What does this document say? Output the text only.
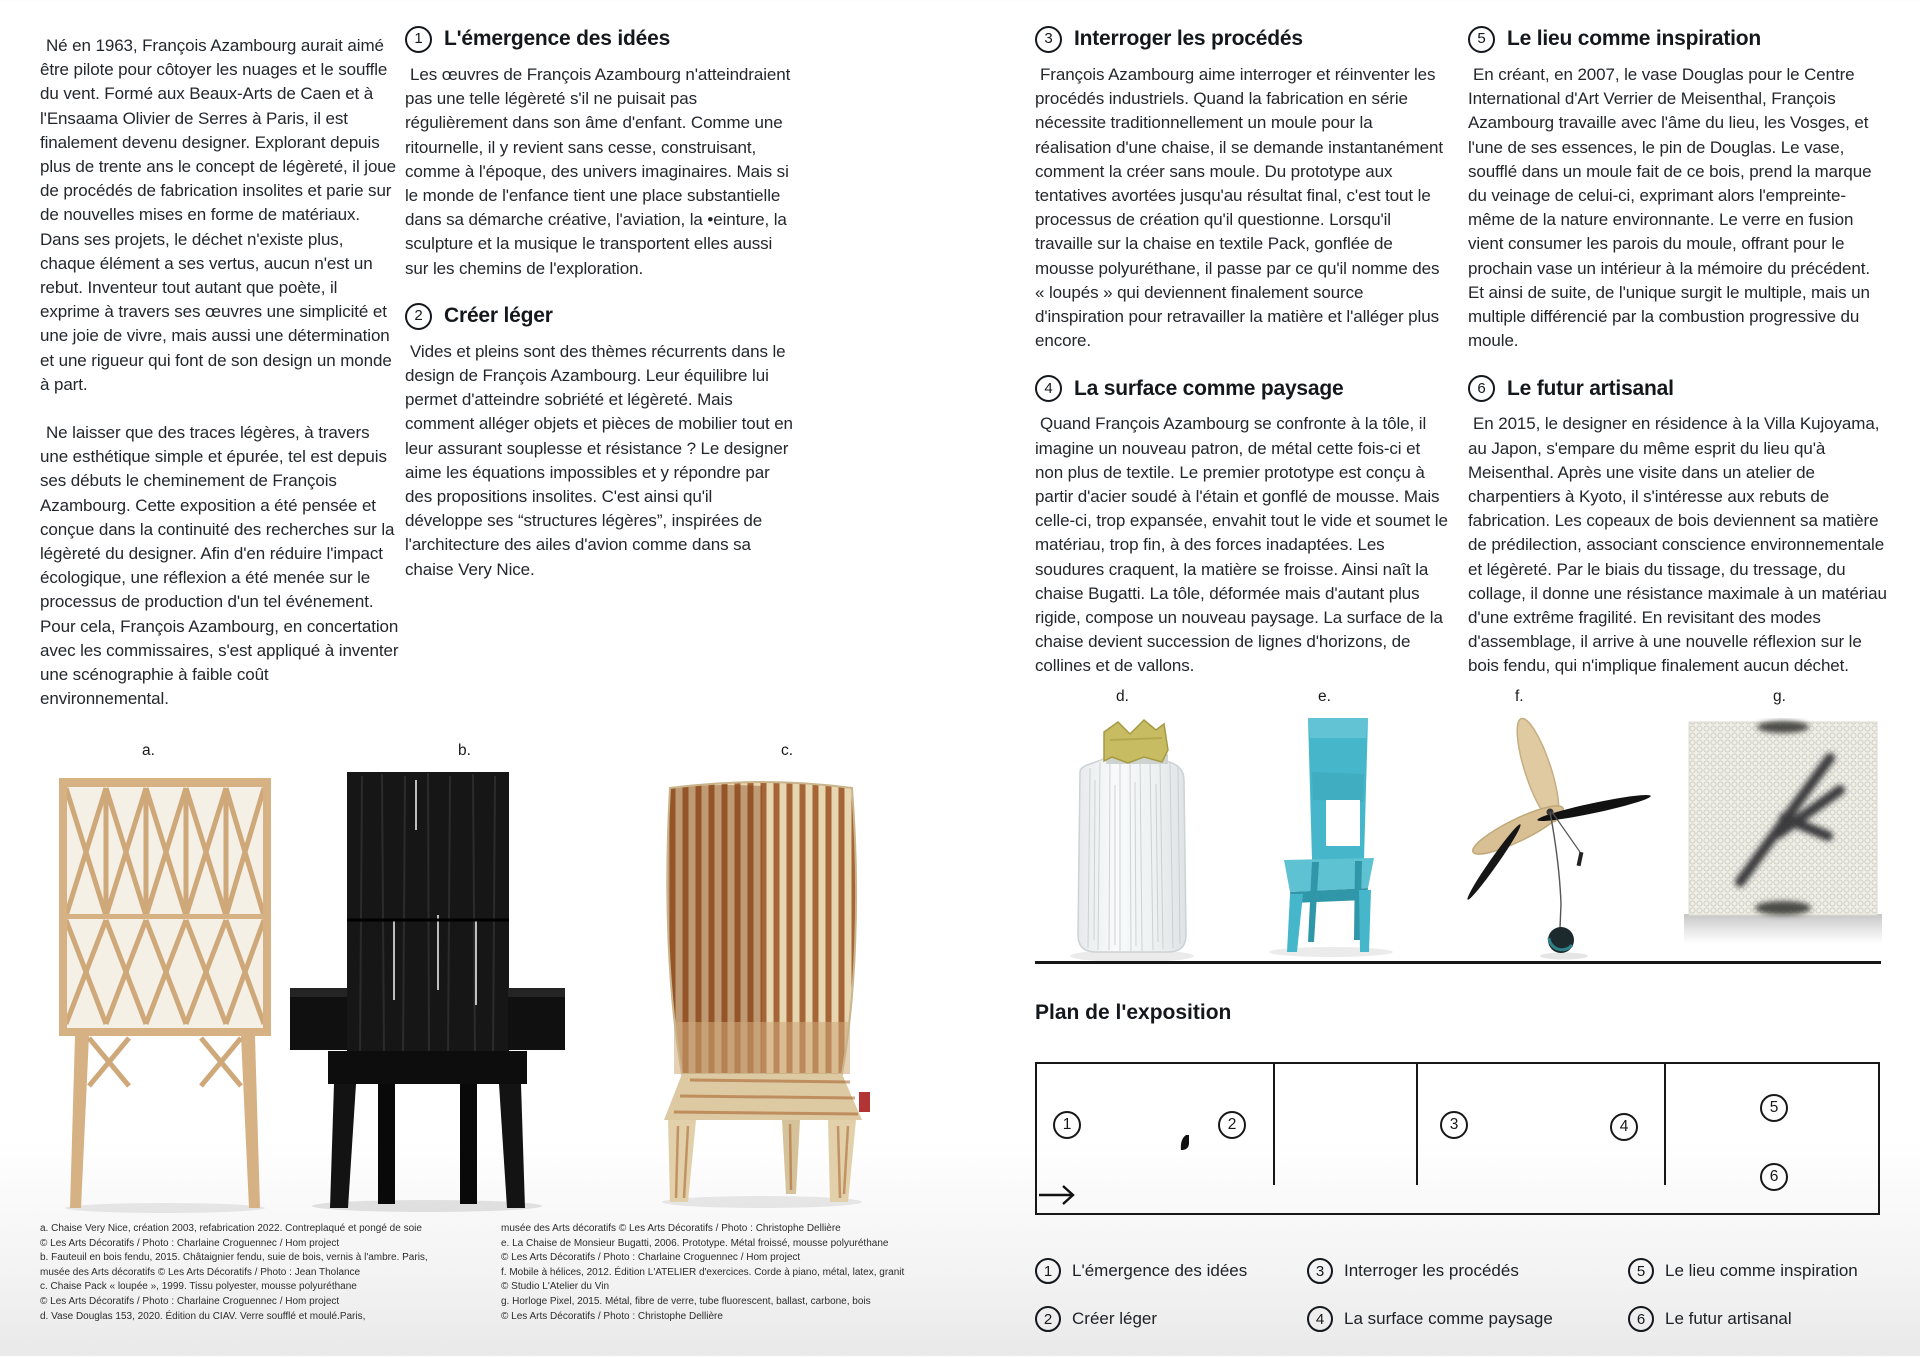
Né en 1963, François Azambourg aurait aimé être pilote pour côtoyer les nuages et le souffle du vent. Formé aux Beaux-Arts de Caen et à l'Ensaama Olivier de Serres à Paris, il est finalement devenu designer. Explorant depuis plus de trente ans le concept de légèreté, il joue de procédés de fabrication insolites et parie sur de nouvelles mises en forme de matériaux. Dans ses projets, le déchet n'existe plus, chaque élément a ses vertus, aucun n'est un rebut. Inventeur tout autant que poète, il exprime à travers ses œuvres une simplicité et une joie de vivre, mais aussi une détermination et une rigueur qui font de son design un monde à part.

Ne laisser que des traces légères, à travers une esthétique simple et épurée, tel est depuis ses débuts le cheminement de François Azambourg. Cette exposition a été pensée et conçue dans la continuité des recherches sur la légèreté du designer. Afin d'en réduire l'impact écologique, une réflexion a été menée sur le processus de production d'un tel événement. Pour cela, François Azambourg, en concertation avec les commissaires, s'est appliqué à inventer une scénographie à faible coût environnemental.

1	L'émergence des idées

Les œuvres de François Azambourg n'atteindraient pas une telle légèreté s'il ne puisait pas régulièrement dans son âme d'enfant. Comme une ritournelle, il y revient sans cesse, construisant, comme à l'époque, des univers imaginaires. Mais si le monde de l'enfance tient une place substantielle dans sa démarche créative, l'aviation, la •einture, la sculpture et la musique le transportent elles aussi sur les chemins de l'exploration.

2	Créer léger

Vides et pleins sont des thèmes récurrents dans le design de François Azambourg. Leur équilibre lui permet d'atteindre sobriété et légèreté. Mais comment alléger objets et pièces de mobilier tout en leur assurant souplesse et résistance ? Le designer aime les équations impossibles et y répondre par des propositions insolites. C'est ainsi qu'il développe ses “structures légères”, inspirées de l'architecture des ailes d'avion comme dans sa chaise Very Nice.

3	Interroger les procédés

François Azambourg aime interroger et réinventer les procédés industriels. Quand la fabrication en série nécessite traditionnellement un moule pour la réalisation d'une chaise, il se demande instantanément comment la créer sans moule. Du prototype aux tentatives avortées jusqu'au résultat final, c'est tout le processus de création qu'il questionne. Lorsqu'il travaille sur la chaise en textile Pack, gonflée de mousse polyuréthane, il passe par ce qu'il nomme des « loupés » qui deviennent finalement source d'inspiration pour retravailler la matière et l'alléger plus encore.

4	La surface comme paysage

Quand François Azambourg se confronte à la tôle, il imagine un nouveau patron, de métal cette fois-ci et non plus de textile. Le premier prototype est conçu à partir d'acier soudé à l'étain et gonflé de mousse. Mais celle-ci, trop expansée, envahit tout le vide et soumet le matériau, trop fin, à des forces inadaptées. Les soudures craquent, la matière se froisse. Ainsi naît la chaise Bugatti. La tôle, déformée mais d'autant plus rigide, compose un nouveau paysage. La surface de la chaise devient succession de lignes d'horizons, de collines et de vallons.

5	Le lieu comme inspiration

En créant, en 2007, le vase Douglas pour le Centre International d'Art Verrier de Meisenthal, François Azambourg travaille avec l'âme du lieu, les Vosges, et l'une de ses essences, le pin de Douglas. Le vase, soufflé dans un moule fait de ce bois, prend la marque du veinage de celui-ci, exprimant alors l'empreinte-même de la nature environnante. Le verre en fusion vient consumer les parois du moule, offrant pour le prochain vase un intérieur à la mémoire du précédent. Et ainsi de suite, de l'unique surgit le multiple, mais un multiple différencié par la combustion progressive du moule.

6	Le futur artisanal

En 2015, le designer en résidence à la Villa Kujoyama, au Japon, s'empare du même esprit du lieu qu'à Meisenthal. Après une visite dans un atelier de charpentiers à Kyoto, il s'intéresse aux rebuts de fabrication. Les copeaux de bois deviennent sa matière de prédilection, associant conscience environnementale et légèreté. Par le biais du tissage, du tressage, du collage, il donne une résistance maximale à un matériau d'une extrême fragilité. En revisitant des modes d'assemblage, il arrive à une nouvelle réflexion sur le bois fendu, qui n'implique finalement aucun déchet.

a.	b.	c.
d.	e.	f.	g.
a. Chaise Very Nice, création 2003, refabrication 2022. Contreplaqué et pongé de soie
© Les Arts Décoratifs / Photo : Charlaine Croguennec / Hom project
b. Fauteuil en bois fendu, 2015. Châtaignier fendu, suie de bois, vernis à l'ambre. Paris,
musée des Arts décoratifs © Les Arts Décoratifs / Photo : Jean Tholance
c. Chaise Pack « loupée », 1999. Tissu polyester, mousse polyuréthane
© Les Arts Décoratifs / Photo : Charlaine Croguennec / Hom project
d. Vase Douglas 153, 2020. Édition du CIAV. Verre soufflé et moulé.Paris,
musée des Arts décoratifs © Les Arts Décoratifs / Photo : Christophe Dellière
e. La Chaise de Monsieur Bugatti, 2006. Prototype. Métal froissé, mousse polyuréthane
© Les Arts Décoratifs / Photo : Charlaine Croguennec / Hom project
f. Mobile à hélices, 2012. Édition L'ATELIER d'exercices. Corde à piano, métal, latex, granit
© Studio L'Atelier du Vin
g. Horloge Pixel, 2015. Métal, fibre de verre, tube fluorescent, ballast, carbone, bois
© Les Arts Décoratifs / Photo : Christophe Dellière
Plan de l'exposition
1	2	3	4
5
6
1	L'émergence des idées
2	Créer léger
3	Interroger les procédés
4	La surface comme paysage
5	Le lieu comme inspiration
6	Le futur artisanal
